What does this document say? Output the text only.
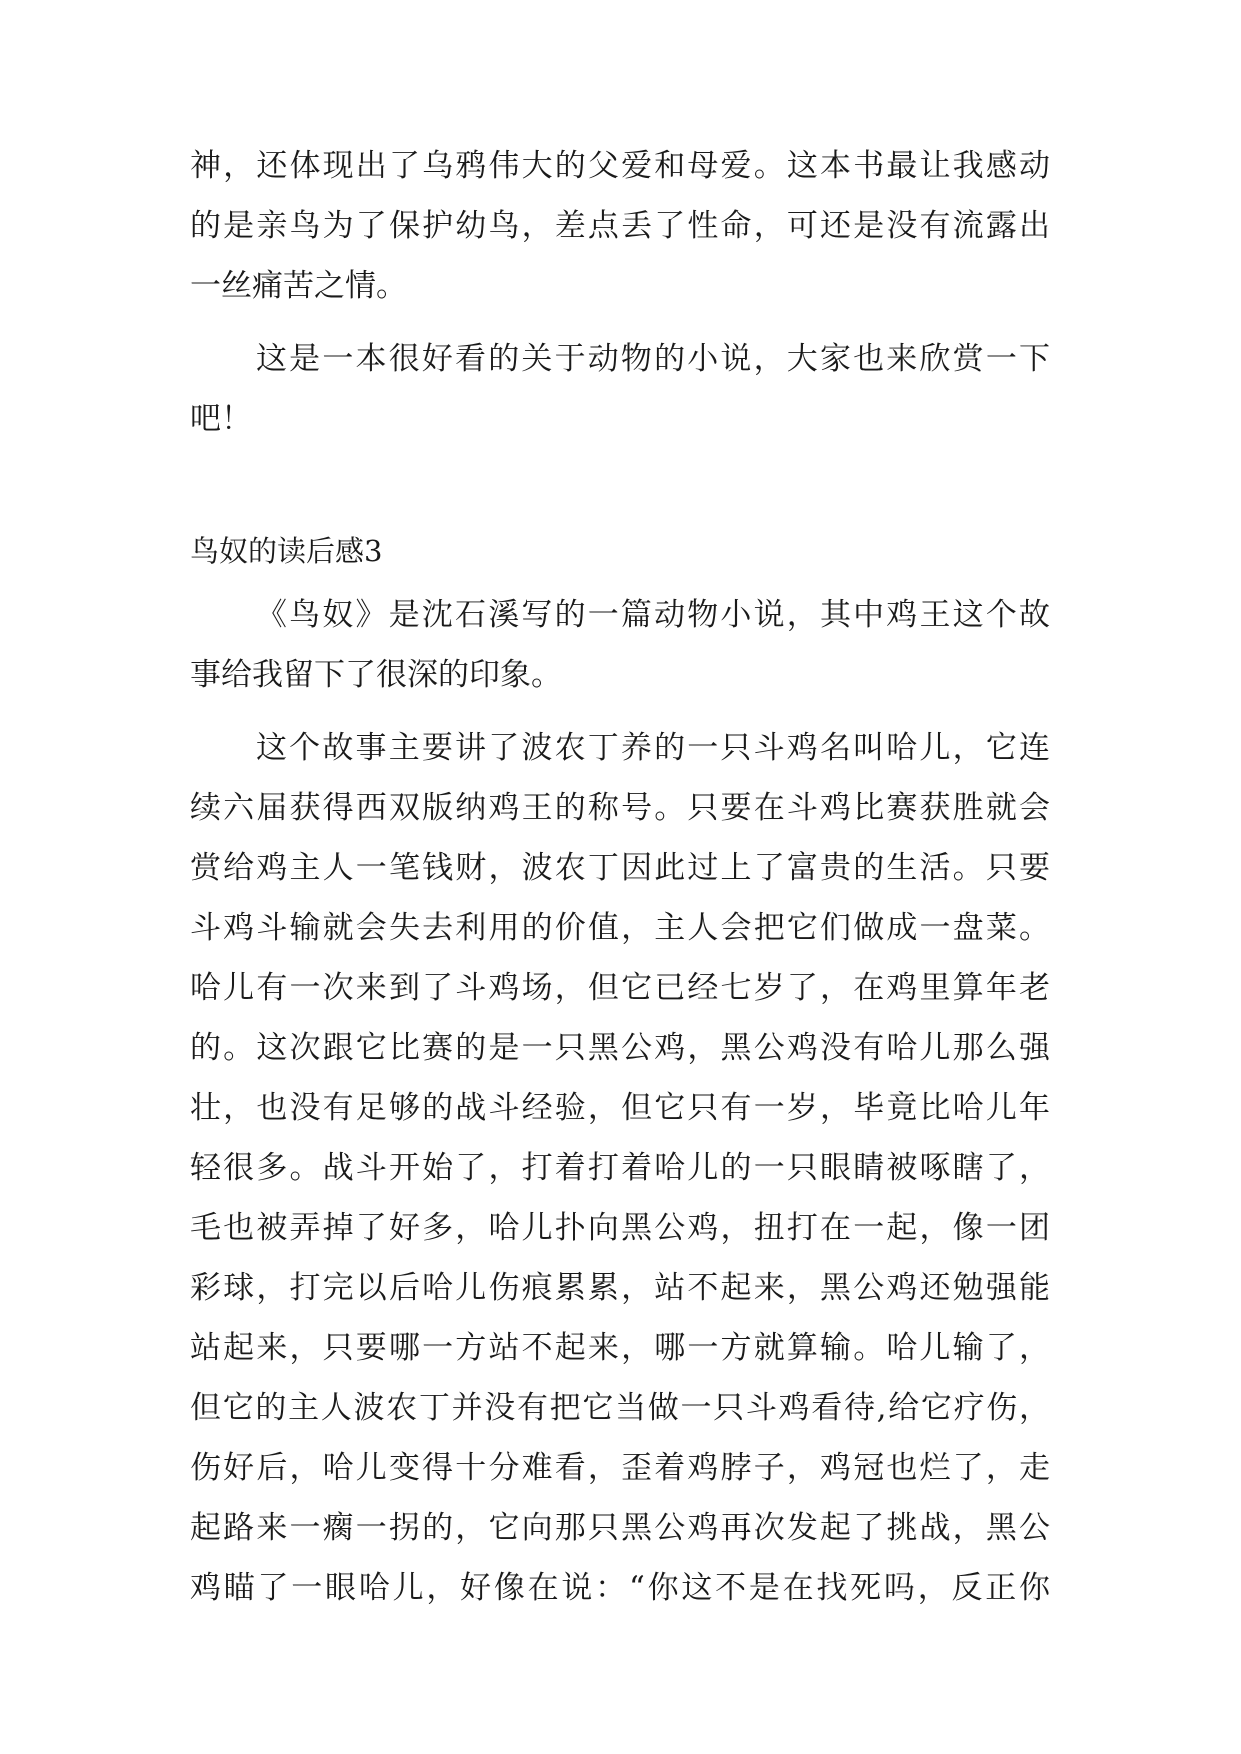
神，还体现出了乌鸦伟大的父爱和母爱。这本书最让我感动
的是亲鸟为了保护幼鸟，差点丢了性命，可还是没有流露出
一丝痛苦之情。
这是一本很好看的关于动物的小说，大家也来欣赏一下
吧！
鸟奴的读后感3
《鸟奴》是沈石溪写的一篇动物小说，其中鸡王这个故
事给我留下了很深的印象。
这个故事主要讲了波农丁养的一只斗鸡名叫哈儿，它连
续六届获得西双版纳鸡王的称号。只要在斗鸡比赛获胜就会
赏给鸡主人一笔钱财，波农丁因此过上了富贵的生活。只要
斗鸡斗输就会失去利用的价值，主人会把它们做成一盘菜。
哈儿有一次来到了斗鸡场，但它已经七岁了，在鸡里算年老
的。这次跟它比赛的是一只黑公鸡，黑公鸡没有哈儿那么强
壮，也没有足够的战斗经验，但它只有一岁，毕竟比哈儿年
轻很多。战斗开始了，打着打着哈儿的一只眼睛被啄瞎了，
毛也被弄掉了好多，哈儿扑向黑公鸡，扭打在一起，像一团
彩球，打完以后哈儿伤痕累累，站不起来，黑公鸡还勉强能
站起来，只要哪一方站不起来，哪一方就算输。哈儿输了，
但它的主人波农丁并没有把它当做一只斗鸡看待,给它疗伤，
伤好后，哈儿变得十分难看，歪着鸡脖子，鸡冠也烂了，走
起路来一瘸一拐的，它向那只黑公鸡再次发起了挑战，黑公
鸡瞄了一眼哈儿，好像在说：“你这不是在找死吗，反正你
